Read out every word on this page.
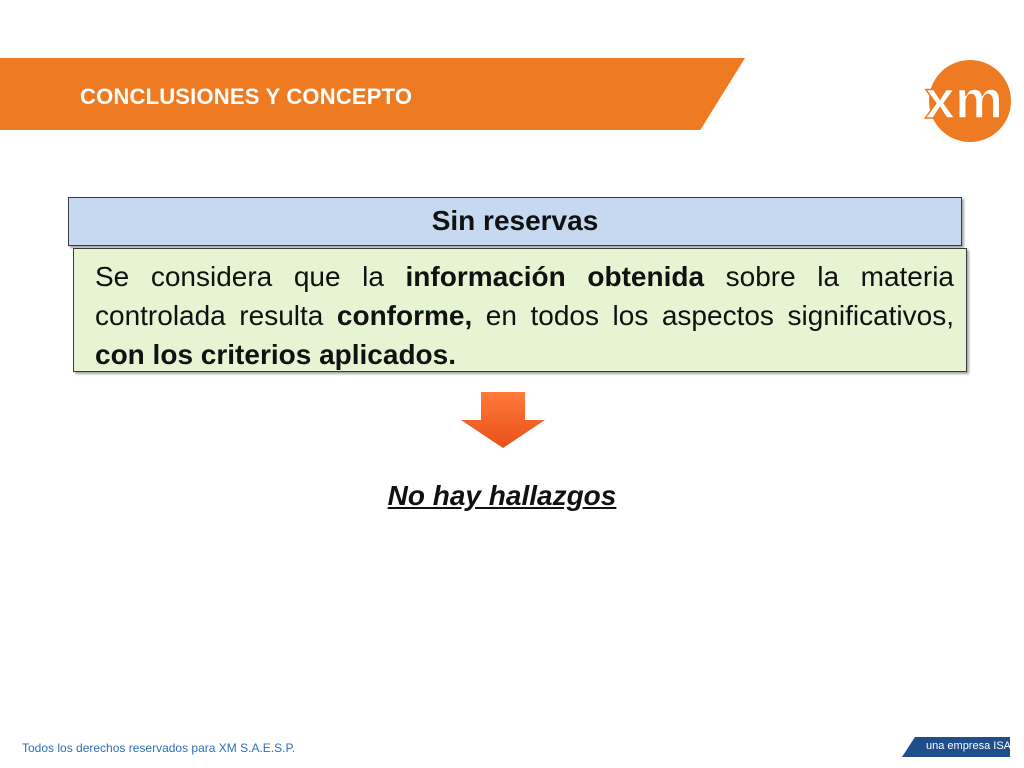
CONCLUSIONES Y CONCEPTO	xm
Sin reservas

Se considera que la información obtenida sobre la materia controlada resulta conforme, en todos los aspectos significativos, con los criterios aplicados.

No hay hallazgos
Todos los derechos reservados para XM S.A.E.S.P.	una empresa ISA
